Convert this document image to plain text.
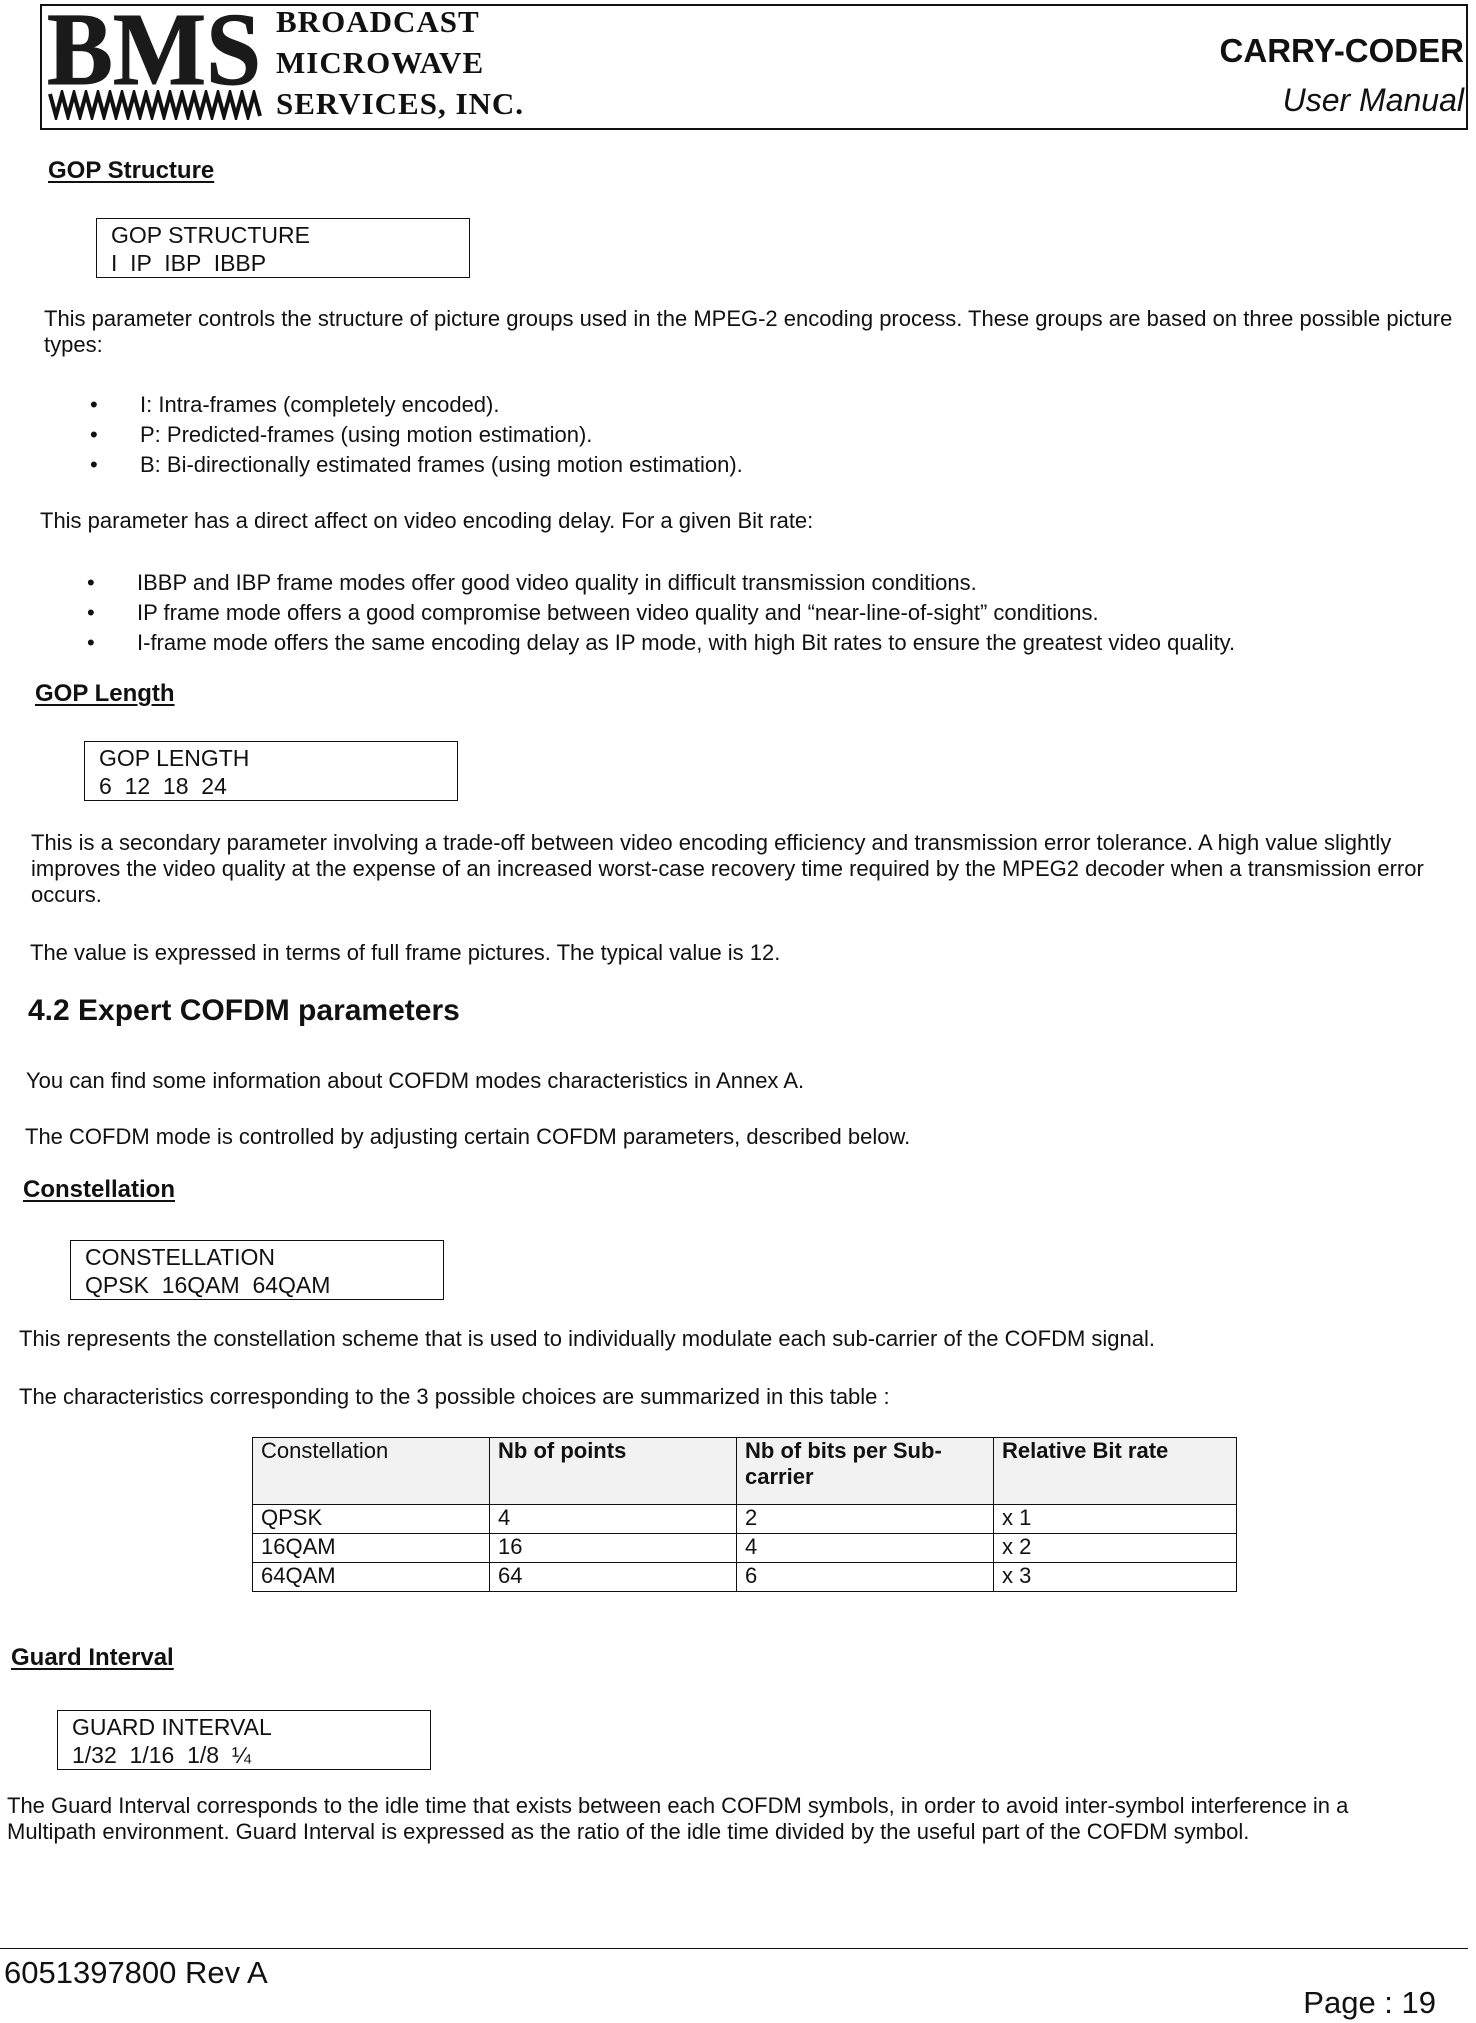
BMS BROADCAST
MICROWAVE
SERVICES, INC.
CARRY-CODER
User Manual
GOP Structure
GOP STRUCTURE
I  IP  IBP  IBBP
This parameter controls the structure of picture groups used in the MPEG-2 encoding process. These groups are based on three possible picture types:
• I: Intra-frames (completely encoded).
• P: Predicted-frames (using motion estimation).
• B: Bi-directionally estimated frames (using motion estimation).
This parameter has a direct affect on video encoding delay. For a given Bit rate:
• IBBP and IBP frame modes offer good video quality in difficult transmission conditions.
• IP frame mode offers a good compromise between video quality and “near-line-of-sight” conditions.
• I-frame mode offers the same encoding delay as IP mode, with high Bit rates to ensure the greatest video quality.
GOP Length
GOP LENGTH
6  12  18  24
This is a secondary parameter involving a trade-off between video encoding efficiency and transmission error tolerance. A high value slightly improves the video quality at the expense of an increased worst-case recovery time required by the MPEG2 decoder when a transmission error occurs.
The value is expressed in terms of full frame pictures. The typical value is 12.
4.2 Expert COFDM parameters
You can find some information about COFDM modes characteristics in Annex A.
The COFDM mode is controlled by adjusting certain COFDM parameters, described below.
Constellation
CONSTELLATION
QPSK  16QAM  64QAM
This represents the constellation scheme that is used to individually modulate each sub-carrier of the COFDM signal.
The characteristics corresponding to the 3 possible choices are summarized in this table :
Constellation	Nb of points	Nb of bits per Sub-carrier	Relative Bit rate
QPSK	4	2	x 1
16QAM	16	4	x 2
64QAM	64	6	x 3
Guard Interval
GUARD INTERVAL
1/32  1/16  1/8  ¼
The Guard Interval corresponds to the idle time that exists between each COFDM symbols, in order to avoid inter-symbol interference in a Multipath environment. Guard Interval is expressed as the ratio of the idle time divided by the useful part of the COFDM symbol.
6051397800 Rev A
Page : 19
